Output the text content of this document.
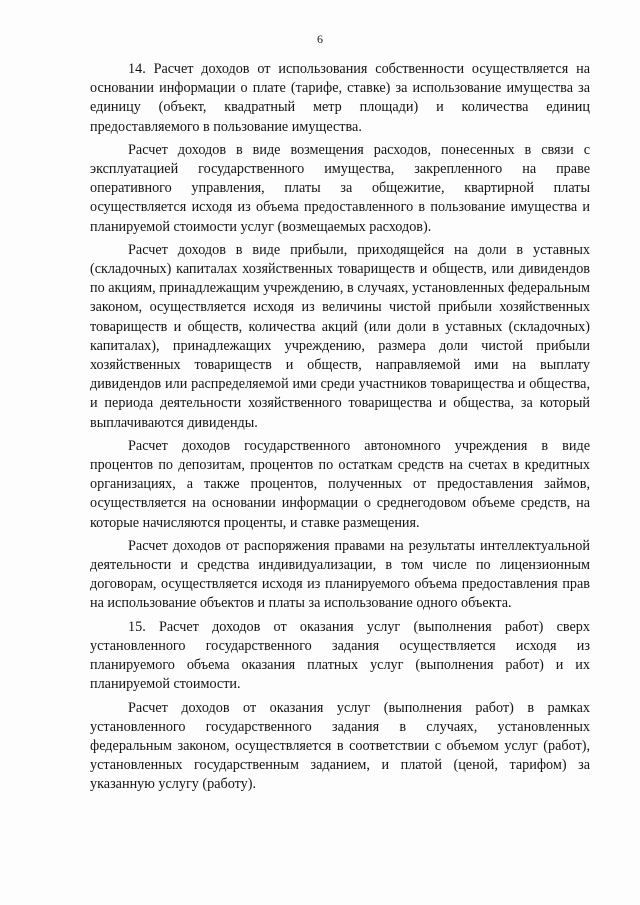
6

14. Расчет доходов от использования собственности осуществляется на основании информации о плате (тарифе, ставке) за использование имущества за единицу (объект, квадратный метр площади) и количества единиц предоставляемого в пользование имущества.

Расчет доходов в виде возмещения расходов, понесенных в связи с эксплуатацией государственного имущества, закрепленного на праве оперативного управления, платы за общежитие, квартирной платы осуществляется исходя из объема предоставленного в пользование имущества и планируемой стоимости услуг (возмещаемых расходов).

Расчет доходов в виде прибыли, приходящейся на доли в уставных (складочных) капиталах хозяйственных товариществ и обществ, или дивидендов по акциям, принадлежащим учреждению, в случаях, установленных федеральным законом, осуществляется исходя из величины чистой прибыли хозяйственных товариществ и обществ, количества акций (или доли в уставных (складочных) капиталах), принадлежащих учреждению, размера доли чистой прибыли хозяйственных товариществ и обществ, направляемой ими на выплату дивидендов или распределяемой ими среди участников товарищества и общества, и периода деятельности хозяйственного товарищества и общества, за который выплачиваются дивиденды.

Расчет доходов государственного автономного учреждения в виде процентов по депозитам, процентов по остаткам средств на счетах в кредитных организациях, а также процентов, полученных от предоставления займов, осуществляется на основании информации о среднегодовом объеме средств, на которые начисляются проценты, и ставке размещения.

Расчет доходов от распоряжения правами на результаты интеллектуальной деятельности и средства индивидуализации, в том числе по лицензионным договорам, осуществляется исходя из планируемого объема предоставления прав на использование объектов и платы за использование одного объекта.

15. Расчет доходов от оказания услуг (выполнения работ) сверх установленного государственного задания осуществляется исходя из планируемого объема оказания платных услуг (выполнения работ) и их планируемой стоимости.

Расчет доходов от оказания услуг (выполнения работ) в рамках установленного государственного задания в случаях, установленных федеральным законом, осуществляется в соответствии с объемом услуг (работ), установленных государственным заданием, и платой (ценой, тарифом) за указанную услугу (работу).
